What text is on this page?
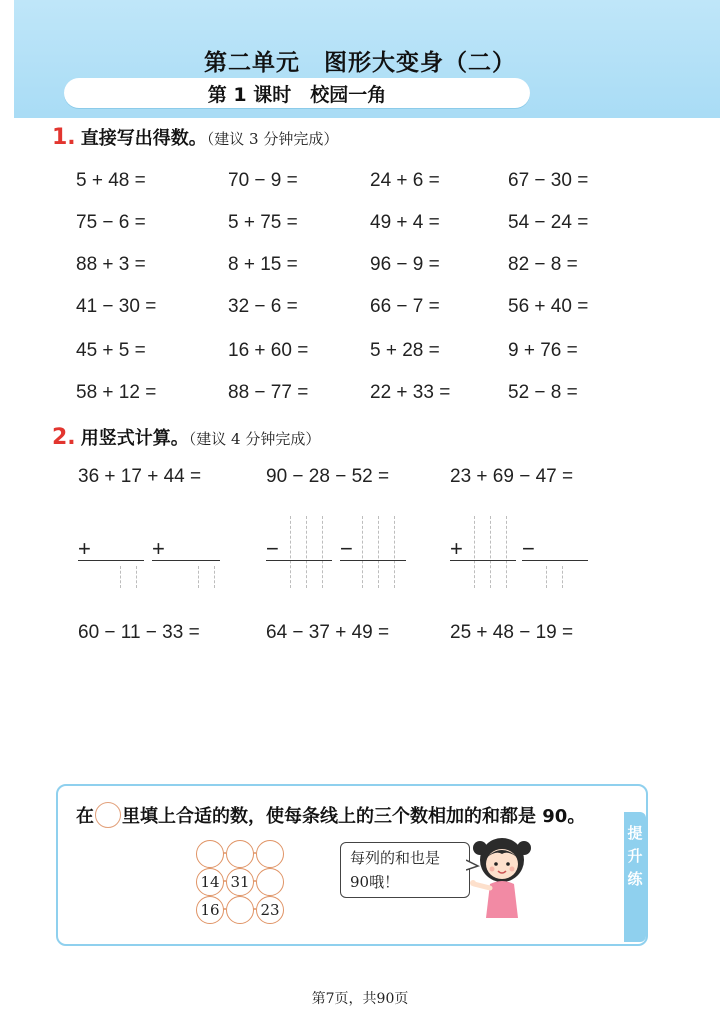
第二单元　图形大变身（二）
第 1 课时　校园一角
1. 直接写出得数。（建议 3 分钟完成）
5 + 48 =	70 − 9 =	24 + 6 =	67 − 30 =
75 − 6 =	5 + 75 =	49 + 4 =	54 − 24 =
88 + 3 =	8 + 15 =	96 − 9 =	82 − 8 =
41 − 30 =	32 − 6 =	66 − 7 =	56 + 40 =
45 + 5 =	16 + 60 =	5 + 28 =	9 + 76 =
58 + 12 =	88 − 77 =	22 + 33 =	52 − 8 =
2. 用竖式计算。（建议 4 分钟完成）
36 + 17 + 44 =	90 − 28 − 52 =	23 + 69 − 47 =
+	+	−	−	+	−
60 − 11 − 33 =	64 − 37 + 49 =	25 + 48 − 19 =
提升练
在 里填上合适的数，使每条线上的三个数相加的和都是 90。
14 31
16	23
每列的和也是 90哦！
第7页，共90页
